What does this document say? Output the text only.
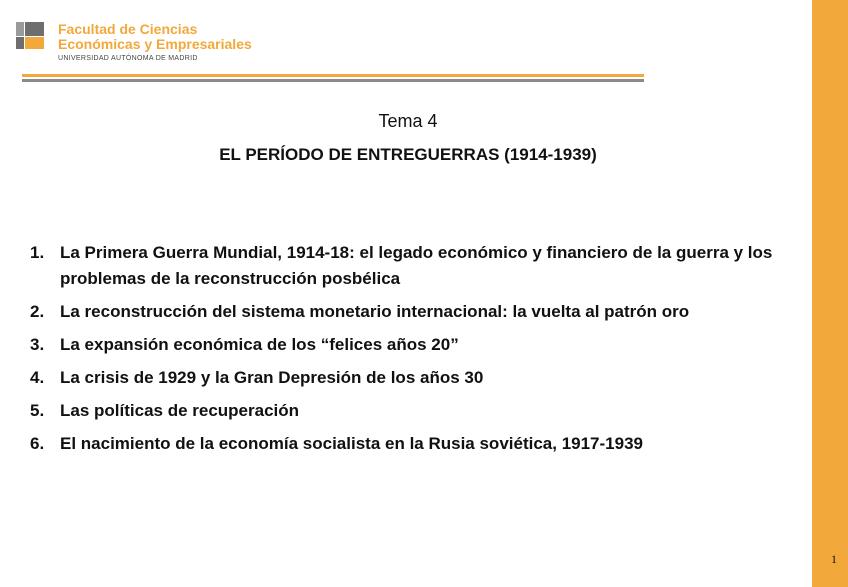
Facultad de Ciencias
Económicas y Empresariales
UNIVERSIDAD AUTÓNOMA DE MADRID
Tema 4
EL PERÍODO DE ENTREGUERRAS (1914-1939)
1. La Primera Guerra Mundial, 1914-18: el legado económico y financiero de la guerra y los problemas de la reconstrucción posbélica
2. La reconstrucción del sistema monetario internacional: la vuelta al patrón oro
3. La expansión económica de los “felices años 20”
4. La crisis de 1929 y la Gran Depresión de los años 30
5. Las políticas de recuperación
6. El nacimiento de la economía socialista en la Rusia soviética, 1917-1939
1
